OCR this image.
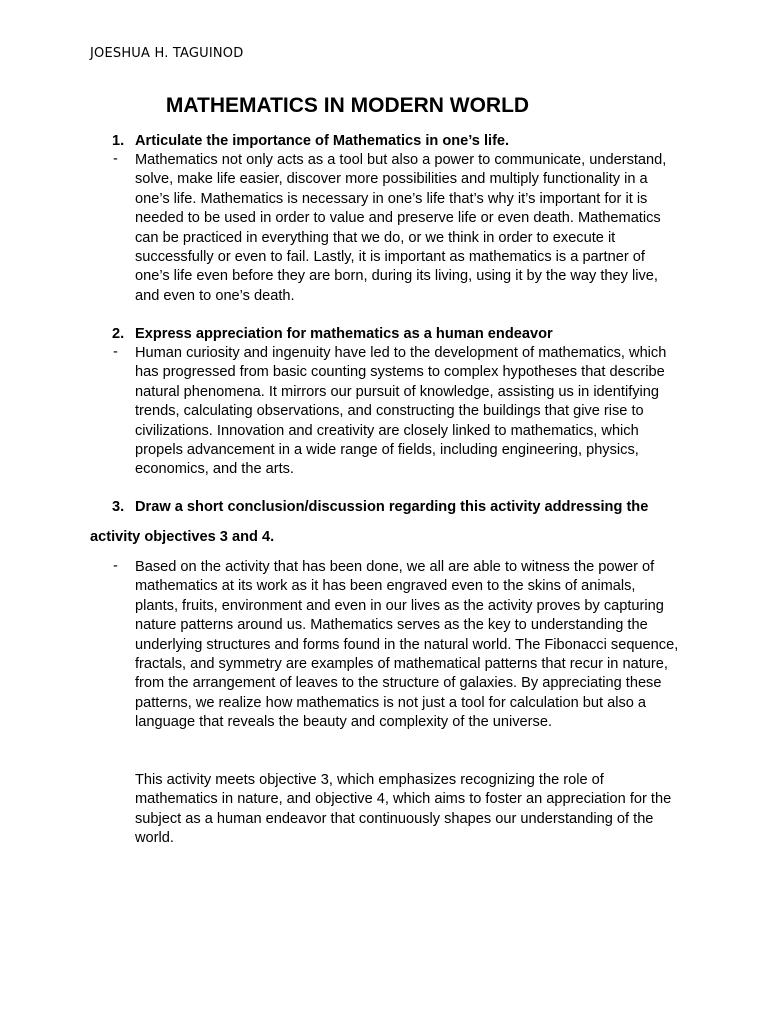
JOESHUA H. TAGUINOD
MATHEMATICS IN MODERN WORLD
1. Articulate the importance of Mathematics in one’s life.
- Mathematics not only acts as a tool but also a power to communicate, understand, solve, make life easier, discover more possibilities and multiply functionality in a one’s life. Mathematics is necessary in one’s life that’s why it’s important for it is needed to be used in order to value and preserve life or even death. Mathematics can be practiced in everything that we do, or we think in order to execute it successfully or even to fail. Lastly, it is important as mathematics is a partner of one’s life even before they are born, during its living, using it by the way they live, and even to one’s death.
2. Express appreciation for mathematics as a human endeavor
- Human curiosity and ingenuity have led to the development of mathematics, which has progressed from basic counting systems to complex hypotheses that describe natural phenomena. It mirrors our pursuit of knowledge, assisting us in identifying trends, calculating observations, and constructing the buildings that give rise to civilizations. Innovation and creativity are closely linked to mathematics, which propels advancement in a wide range of fields, including engineering, physics, economics, and the arts.
3. Draw a short conclusion/discussion regarding this activity addressing the
activity objectives 3 and 4.
- Based on the activity that has been done, we all are able to witness the power of mathematics at its work as it has been engraved even to the skins of animals, plants, fruits, environment and even in our lives as the activity proves by capturing nature patterns around us. Mathematics serves as the key to understanding the underlying structures and forms found in the natural world. The Fibonacci sequence, fractals, and symmetry are examples of mathematical patterns that recur in nature, from the arrangement of leaves to the structure of galaxies. By appreciating these patterns, we realize how mathematics is not just a tool for calculation but also a language that reveals the beauty and complexity of the universe.
This activity meets objective 3, which emphasizes recognizing the role of mathematics in nature, and objective 4, which aims to foster an appreciation for the subject as a human endeavor that continuously shapes our understanding of the world.
